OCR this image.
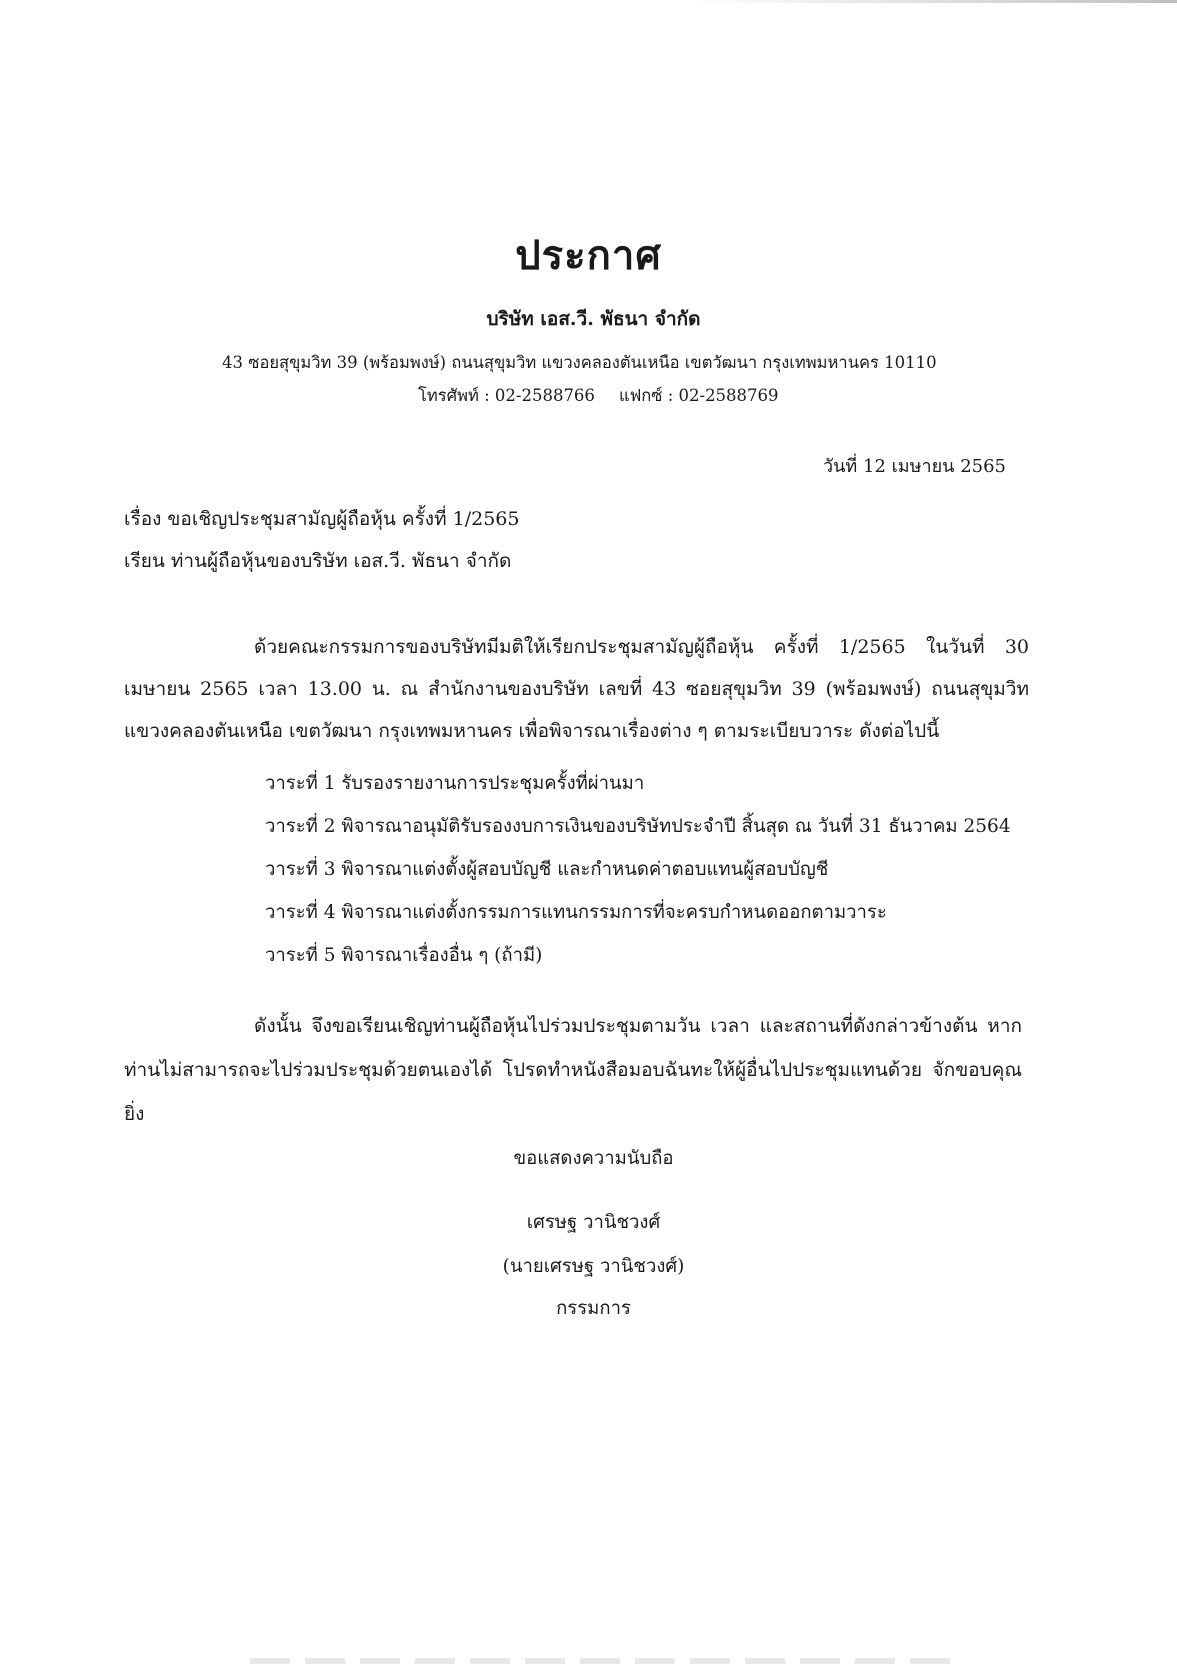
ประกาศ
บริษัท เอส.วี. พัธนา จำกัด
43 ซอยสุขุมวิท 39 (พร้อมพงษ์) ถนนสุขุมวิท แขวงคลองตันเหนือ เขตวัฒนา กรุงเทพมหานคร 10110
โทรศัพท์ : 02-2588766 แฟกซ์ : 02-2588769
วันที่ 12 เมษายน 2565
เรื่อง ขอเชิญประชุมสามัญผู้ถือหุ้น ครั้งที่ 1/2565
เรียน ท่านผู้ถือหุ้นของบริษัท เอส.วี. พัธนา จำกัด
ด้วยคณะกรรมการของบริษัทมีมติให้เรียกประชุมสามัญผู้ถือหุ้น ครั้งที่ 1/2565 ในวันที่ 30 เมษายน 2565 เวลา 13.00 น. ณ สำนักงานของบริษัท เลขที่ 43 ซอยสุขุมวิท 39 (พร้อมพงษ์) ถนนสุขุมวิท แขวงคลองตันเหนือ เขตวัฒนา กรุงเทพมหานคร เพื่อพิจารณาเรื่องต่าง ๆ ตามระเบียบวาระ ดังต่อไปนี้
วาระที่ 1 รับรองรายงานการประชุมครั้งที่ผ่านมา
วาระที่ 2 พิจารณาอนุมัติรับรองงบการเงินของบริษัทประจำปี สิ้นสุด ณ วันที่ 31 ธันวาคม 2564
วาระที่ 3 พิจารณาแต่งตั้งผู้สอบบัญชี และกำหนดค่าตอบแทนผู้สอบบัญชี
วาระที่ 4 พิจารณาแต่งตั้งกรรมการแทนกรรมการที่จะครบกำหนดออกตามวาระ
วาระที่ 5 พิจารณาเรื่องอื่น ๆ (ถ้ามี)
ดังนั้น จึงขอเรียนเชิญท่านผู้ถือหุ้นไปร่วมประชุมตามวัน เวลา และสถานที่ดังกล่าวข้างต้น หากท่านไม่สามารถจะไปร่วมประชุมด้วยตนเองได้ โปรดทำหนังสือมอบฉันทะให้ผู้อื่นไปประชุมแทนด้วย จักขอบคุณยิ่ง
ขอแสดงความนับถือ
เศรษฐ วานิชวงศ์
(นายเศรษฐ วานิชวงศ์)
กรรมการ
